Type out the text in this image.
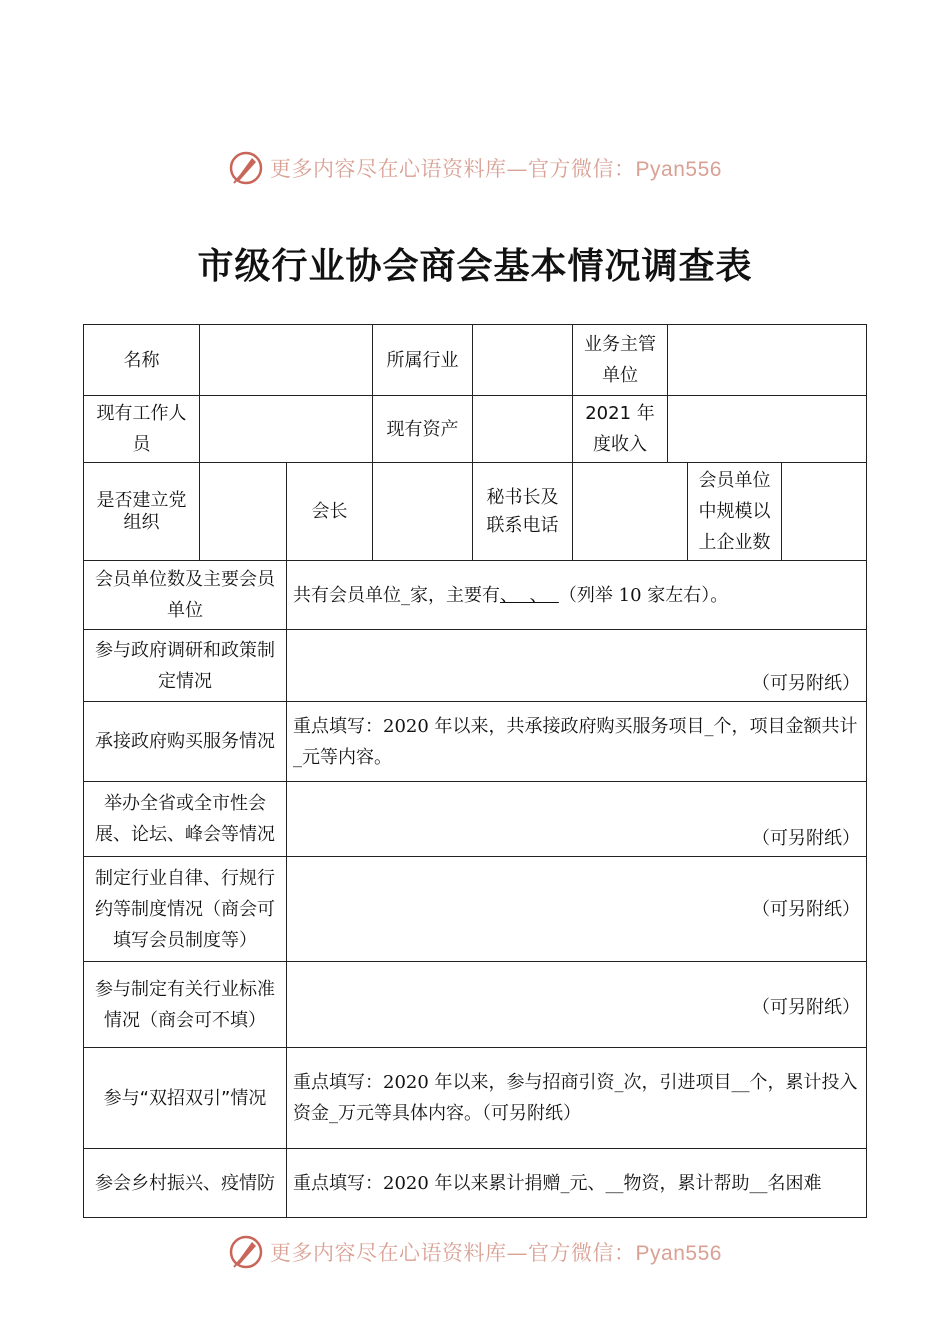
更多内容尽在心语资料库—官方微信：Pyan556
市级行业协会商会基本情况调查表
名称			所属行业		业务主管单位			
现有工作人员			现有资产		2021 年度收入			
是否建立党组织		会长		秘书长及联系电话			会员单位中规模以上企业数	
会员单位数及主要会员单位		共有会员单位_家，主要有、  、  （列举 10 家左右）。						
参与政府调研和政策制定情况		（可另附纸）						
承接政府购买服务情况		重点填写：2020 年以来，共承接政府购买服务项目_个，项目金额共计_元等内容。						
举办全省或全市性会展、论坛、峰会等情况		（可另附纸）						
制定行业自律、行规行约等制度情况（商会可填写会员制度等）		（可另附纸）						
参与制定有关行业标准情况（商会可不填）		（可另附纸）						
参与“双招双引”情况		重点填写：2020 年以来，参与招商引资_次，引进项目__个，累计投入资金_万元等具体内容。（可另附纸）						
参会乡村振兴、疫情防		重点填写：2020 年以来累计捐赠_元、__物资，累计帮助__名困难						
更多内容尽在心语资料库—官方微信：Pyan556
